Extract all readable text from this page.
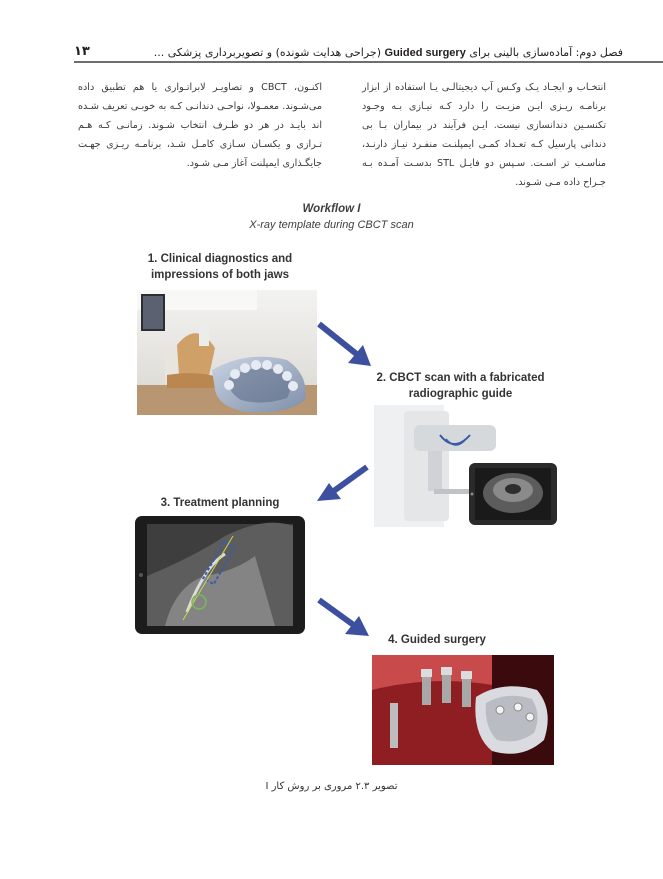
۱۳	فصل دوم: آماده‌سازی بالینی برای Guided surgery (جراحی هدایت شونده) و تصویربرداری پزشکی ...

انتخـاب و ایجـاد یـک وکـس آپ دیجیتالـی یـا استفاده از ابزار برنامـه ریـزی ایـن مزیـت را دارد کـه نیـازی بـه وجـود تکنسـین دندانسازی نیست. ایـن فرآیند در بیماران بـا بی دندانی پارسیل کـه تعـداد کمـی ایمپلنـت منفـرد نیـاز دارنـد، مناسـب تر اسـت. سـپس دو فایـل STL بدسـت آمـده بـه جـراح داده مـی شـوند.

اکنـون، CBCT و تصاویـر لابراتـواری یا هم تطبیق داده می‌شـوند. معمـولا، نواحـی دندانـی کـه به خوبـی تعریف شـده اند بایـد در هر دو طـرف انتخاب شـوند. زمانـی کـه هـم تـرازی و یکسـان سـازی کامـل شـد، برنامـه ریـزی جهـت جایگـذاری ایمپلنت آغاز مـی شـود.

Workflow I
X-ray template during CBCT scan
1. Clinical diagnostics and
impressions of both jaws
2. CBCT scan with a fabricated
radiographic guide
3. Treatment planning
4. Guided surgery
تصویر ۲.۳ مروری بر روش کار I
